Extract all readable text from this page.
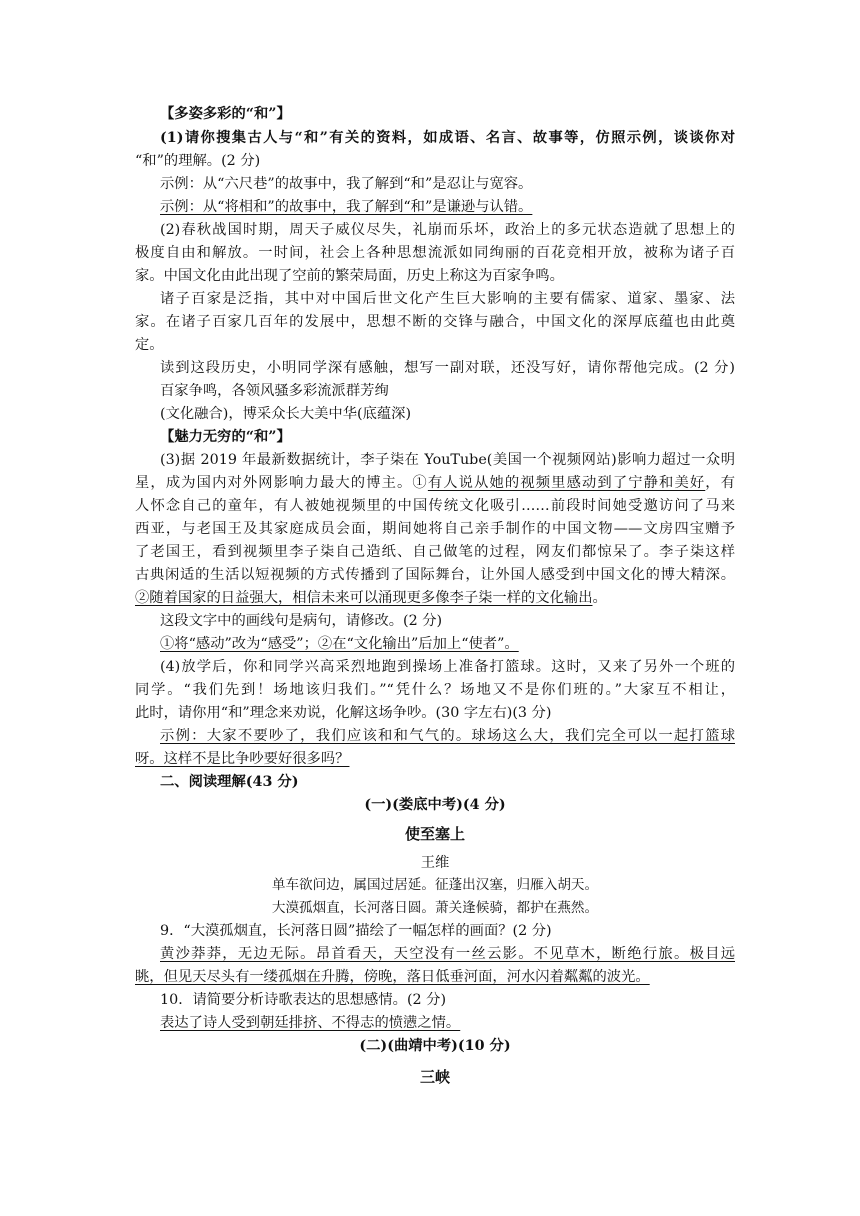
【多姿多彩的“和”】
(1)请你搜集古人与“和”有关的资料，如成语、名言、故事等，仿照示例，谈谈你对
“和”的理解。(2 分)
示例：从“六尺巷”的故事中，我了解到“和”是忍让与宽容。
示例：从“将相和”的故事中，我了解到“和”是谦逊与认错。
(2)春秋战国时期，周天子威仪尽失，礼崩而乐坏，政治上的多元状态造就了思想上的
极度自由和解放。一时间，社会上各种思想流派如同绚丽的百花竞相开放，被称为诸子百
家。中国文化由此出现了空前的繁荣局面，历史上称这为百家争鸣。
诸子百家是泛指，其中对中国后世文化产生巨大影响的主要有儒家、道家、墨家、法
家。在诸子百家几百年的发展中，思想不断的交锋与融合，中国文化的深厚底蕴也由此奠
定。
读到这段历史，小明同学深有感触，想写一副对联，还没写好，请你帮他完成。(2 分)
百家争鸣，各领风骚多彩流派群芳绚
(文化融合)，博采众长大美中华(底蕴深)
【魅力无穷的“和”】
(3)据 2019 年最新数据统计，李子柒在 YouTube(美国一个视频网站)影响力超过一众明
星，成为国内对外网影响力最大的博主。①有人说从她的视频里感动到了宁静和美好，有
人怀念自己的童年，有人被她视频里的中国传统文化吸引……前段时间她受邀访问了马来
西亚，与老国王及其家庭成员会面，期间她将自己亲手制作的中国文物——文房四宝赠予
了老国王，看到视频里李子柒自己造纸、自己做笔的过程，网友们都惊呆了。李子柒这样
古典闲适的生活以短视频的方式传播到了国际舞台，让外国人感受到中国文化的博大精深。
②随着国家的日益强大，相信未来可以涌现更多像李子柒一样的文化输出。
这段文字中的画线句是病句，请修改。(2 分)
①将“感动”改为“感受”；②在“文化输出”后加上“使者”。
(4)放学后，你和同学兴高采烈地跑到操场上准备打篮球。这时，又来了另外一个班的
同学。“我们先到！场地该归我们。”“凭什么？场地又不是你们班的。”大家互不相让，
此时，请你用“和”理念来劝说，化解这场争吵。(30 字左右)(3 分)
示例：大家不要吵了，我们应该和和气气的。球场这么大，我们完全可以一起打篮球
呀。这样不是比争吵要好很多吗？
二、阅读理解(43 分)
(一)(娄底中考)(4 分)
使至塞上
王维
单车欲问边，属国过居延。征蓬出汉塞，归雁入胡天。
大漠孤烟直，长河落日圆。萧关逢候骑，都护在燕然。
9．“大漠孤烟直，长河落日圆”描绘了一幅怎样的画面？(2 分)
黄沙莽莽，无边无际。昂首看天，天空没有一丝云影。不见草木，断绝行旅。极目远
眺，但见天尽头有一缕孤烟在升腾，傍晚，落日低垂河面，河水闪着粼粼的波光。
10．请简要分析诗歌表达的思想感情。(2 分)
表达了诗人受到朝廷排挤、不得志的愤懑之情。
(二)(曲靖中考)(10 分)
三峡
